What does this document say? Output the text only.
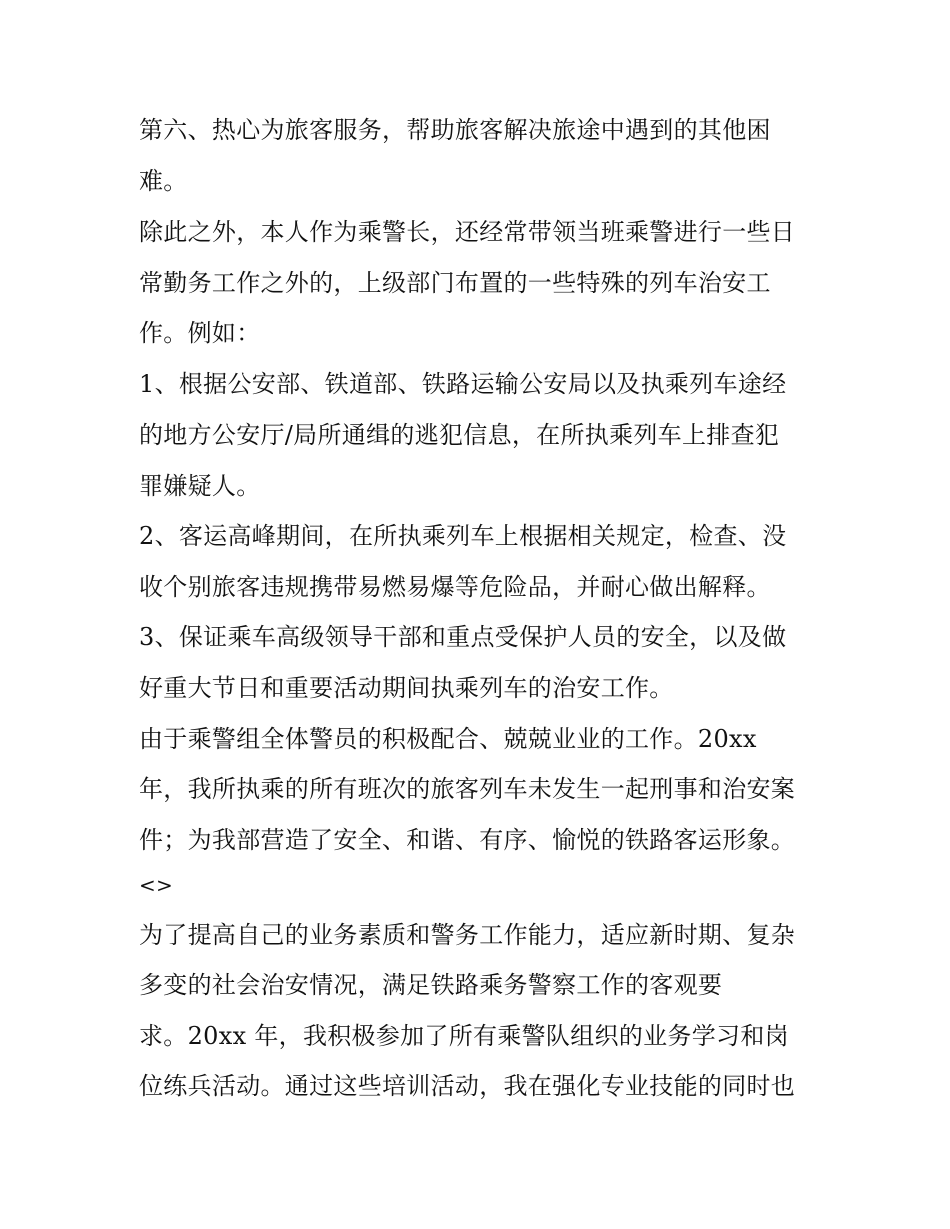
第六、热心为旅客服务，帮助旅客解决旅途中遇到的其他困
难。
除此之外，本人作为乘警长，还经常带领当班乘警进行一些日
常勤务工作之外的，上级部门布置的一些特殊的列车治安工
作。例如：
1、根据公安部、铁道部、铁路运输公安局以及执乘列车途经
的地方公安厅/局所通缉的逃犯信息，在所执乘列车上排查犯
罪嫌疑人。
2、客运高峰期间，在所执乘列车上根据相关规定，检查、没
收个别旅客违规携带易燃易爆等危险品，并耐心做出解释。
3、保证乘车高级领导干部和重点受保护人员的安全，以及做
好重大节日和重要活动期间执乘列车的治安工作。
由于乘警组全体警员的积极配合、兢兢业业的工作。20xx
年，我所执乘的所有班次的旅客列车未发生一起刑事和治安案
件；为我部营造了安全、和谐、有序、愉悦的铁路客运形象。
<>
为了提高自己的业务素质和警务工作能力，适应新时期、复杂
多变的社会治安情况，满足铁路乘务警察工作的客观要
求。20xx 年，我积极参加了所有乘警队组织的业务学习和岗
位练兵活动。通过这些培训活动，我在强化专业技能的同时也
